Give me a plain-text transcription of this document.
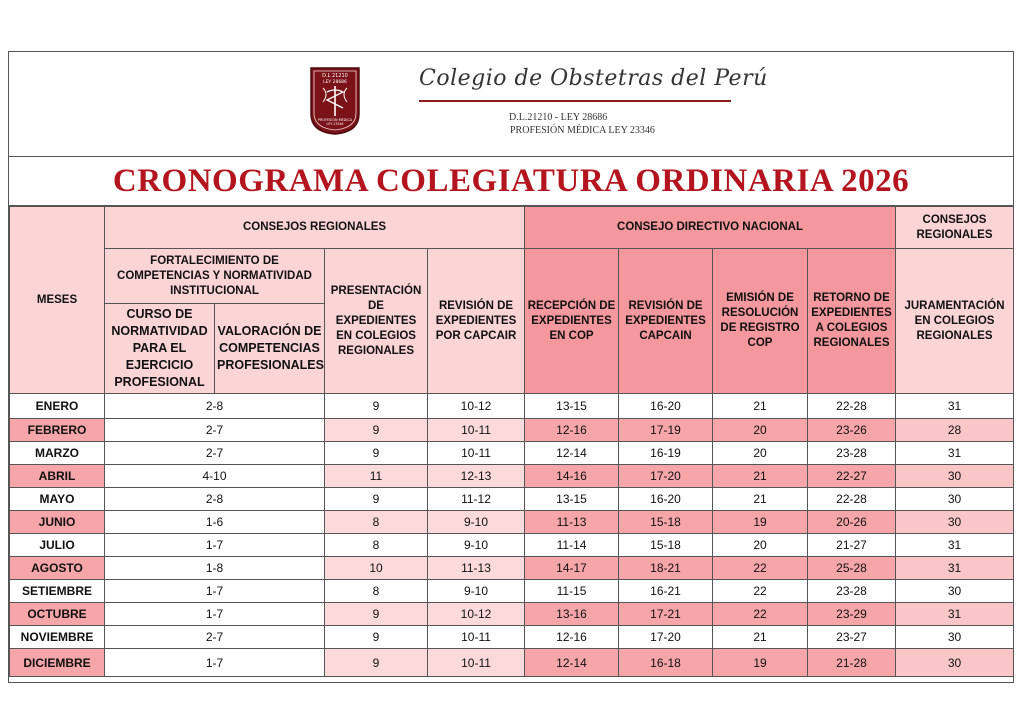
D.L 21210
LEY 28686
PROFESIÓN MÉDICA
LEY 23346
Colegio de Obstetras del Perú
D.L.21210 - LEY 28686
PROFESIÓN MÉDICA LEY 23346
CRONOGRAMA COLEGIATURA ORDINARIA 2026
MESES	CONSEJOS REGIONALES				CONSEJO DIRECTIVO NACIONAL				CONSEJOS REGIONALES
	FORTALECIMIENTO DE COMPETENCIAS Y NORMATIVIDAD INSTITUCIONAL		PRESENTACIÓN DE EXPEDIENTES EN COLEGIOS REGIONALES	REVISIÓN DE EXPEDIENTES POR CAPCAIR	RECEPCIÓN DE EXPEDIENTES EN COP	REVISIÓN DE EXPEDIENTES CAPCAIN	EMISIÓN DE RESOLUCIÓN DE REGISTRO COP	RETORNO DE EXPEDIENTES A COLEGIOS REGIONALES	JURAMENTACIÓN EN COLEGIOS REGIONALES
	CURSO DE NORMATIVIDAD PARA EL EJERCICIO PROFESIONAL	VALORACIÓN DE COMPETENCIAS PROFESIONALES							
ENERO	2-8		9	10-12	13-15	16-20	21	22-28	31
FEBRERO	2-7		9	10-11	12-16	17-19	20	23-26	28
MARZO	2-7		9	10-11	12-14	16-19	20	23-28	31
ABRIL	4-10		11	12-13	14-16	17-20	21	22-27	30
MAYO	2-8		9	11-12	13-15	16-20	21	22-28	30
JUNIO	1-6		8	9-10	11-13	15-18	19	20-26	30
JULIO	1-7		8	9-10	11-14	15-18	20	21-27	31
AGOSTO	1-8		10	11-13	14-17	18-21	22	25-28	31
SETIEMBRE	1-7		8	9-10	11-15	16-21	22	23-28	30
OCTUBRE	1-7		9	10-12	13-16	17-21	22	23-29	31
NOVIEMBRE	2-7		9	10-11	12-16	17-20	21	23-27	30
DICIEMBRE	1-7		9	10-11	12-14	16-18	19	21-28	30
